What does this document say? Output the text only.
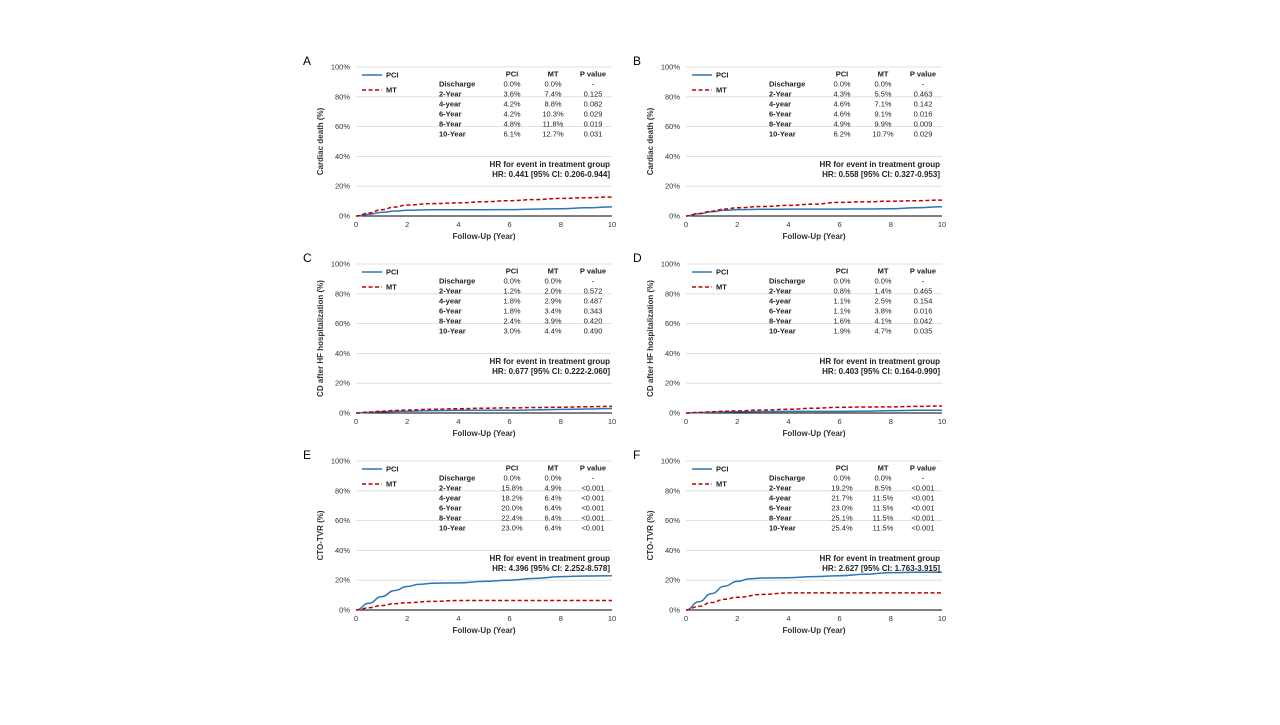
A
0%
20%
40%
60%
80%
100%
0	2	4	6	8	10
Follow-Up (Year)
Cardiac death (%)
PCI
MT
PCI	MT	P value
Discharge	0.0%	0.0%	-
2-Year	3.6%	7.4%	0.125
4-year	4.2%	8.8%	0.082
6-Year	4.2%	10.3%	0.029
8-Year	4.8%	11.8%	0.019
10-Year	6.1%	12.7%	0.031
HR for event in treatment group
HR: 0.441 [95% CI: 0.206-0.944]
B
0%
20%
40%
60%
80%
100%
0	2	4	6	8	10
Follow-Up (Year)
Cardiac death (%)
PCI
MT
PCI	MT	P value
Discharge	0.0%	0.0%	-
2-Year	4.3%	5.5%	0.463
4-year	4.6%	7.1%	0.142
6-Year	4.6%	9.1%	0.016
8-Year	4.9%	9.9%	0.009
10-Year	6.2%	10.7%	0.029
HR for event in treatment group
HR: 0.558 [95% CI: 0.327-0.953]
C
0%
20%
40%
60%
80%
100%
0	2	4	6	8	10
Follow-Up (Year)
CD after HF hospitalization (%)
PCI
MT
PCI	MT	P value
Discharge	0.0%	0.0%	-
2-Year	1.2%	2.0%	0.572
4-year	1.8%	2.9%	0.487
6-Year	1.8%	3.4%	0.343
8-Year	2.4%	3.9%	0.420
10-Year	3.0%	4.4%	0.490
HR for event in treatment group
HR: 0.677 [95% CI: 0.222-2.060]
D
0%
20%
40%
60%
80%
100%
0	2	4	6	8	10
Follow-Up (Year)
CD after HF hospitalization (%)
PCI
MT
PCI	MT	P value
Discharge	0.0%	0.0%	-
2-Year	0.8%	1.4%	0.465
4-year	1.1%	2.5%	0.154
6-Year	1.1%	3.8%	0.016
8-Year	1.6%	4.1%	0.042
10-Year	1.9%	4.7%	0.035
HR for event in treatment group
HR: 0.403 [95% CI: 0.164-0.990]
E
0%
20%
40%
60%
80%
100%
0	2	4	6	8	10
Follow-Up (Year)
CTO-TVR (%)
PCI
MT
PCI	MT	P value
Discharge	0.0%	0.0%	-
2-Year	15.8%	4.9%	<0.001
4-year	18.2%	6.4%	<0.001
6-Year	20.0%	6.4%	<0.001
8-Year	22.4%	6.4%	<0.001
10-Year	23.0%	6.4%	<0.001
HR for event in treatment group
HR: 4.396 [95% CI: 2.252-8.578]
F
0%
20%
40%
60%
80%
100%
0	2	4	6	8	10
Follow-Up (Year)
CTO-TVR (%)
PCI
MT
PCI	MT	P value
Discharge	0.0%	0.0%	-
2-Year	19.2%	8.5%	<0.001
4-year	21.7%	11.5% <0.001
6-Year	23.0%	11.5% <0.001
8-Year	25.1%	11.5% <0.001
10-Year	25.4%	11.5% <0.001
HR for event in treatment group
HR: 2.627 [95% CI: 1.763-3.915]
